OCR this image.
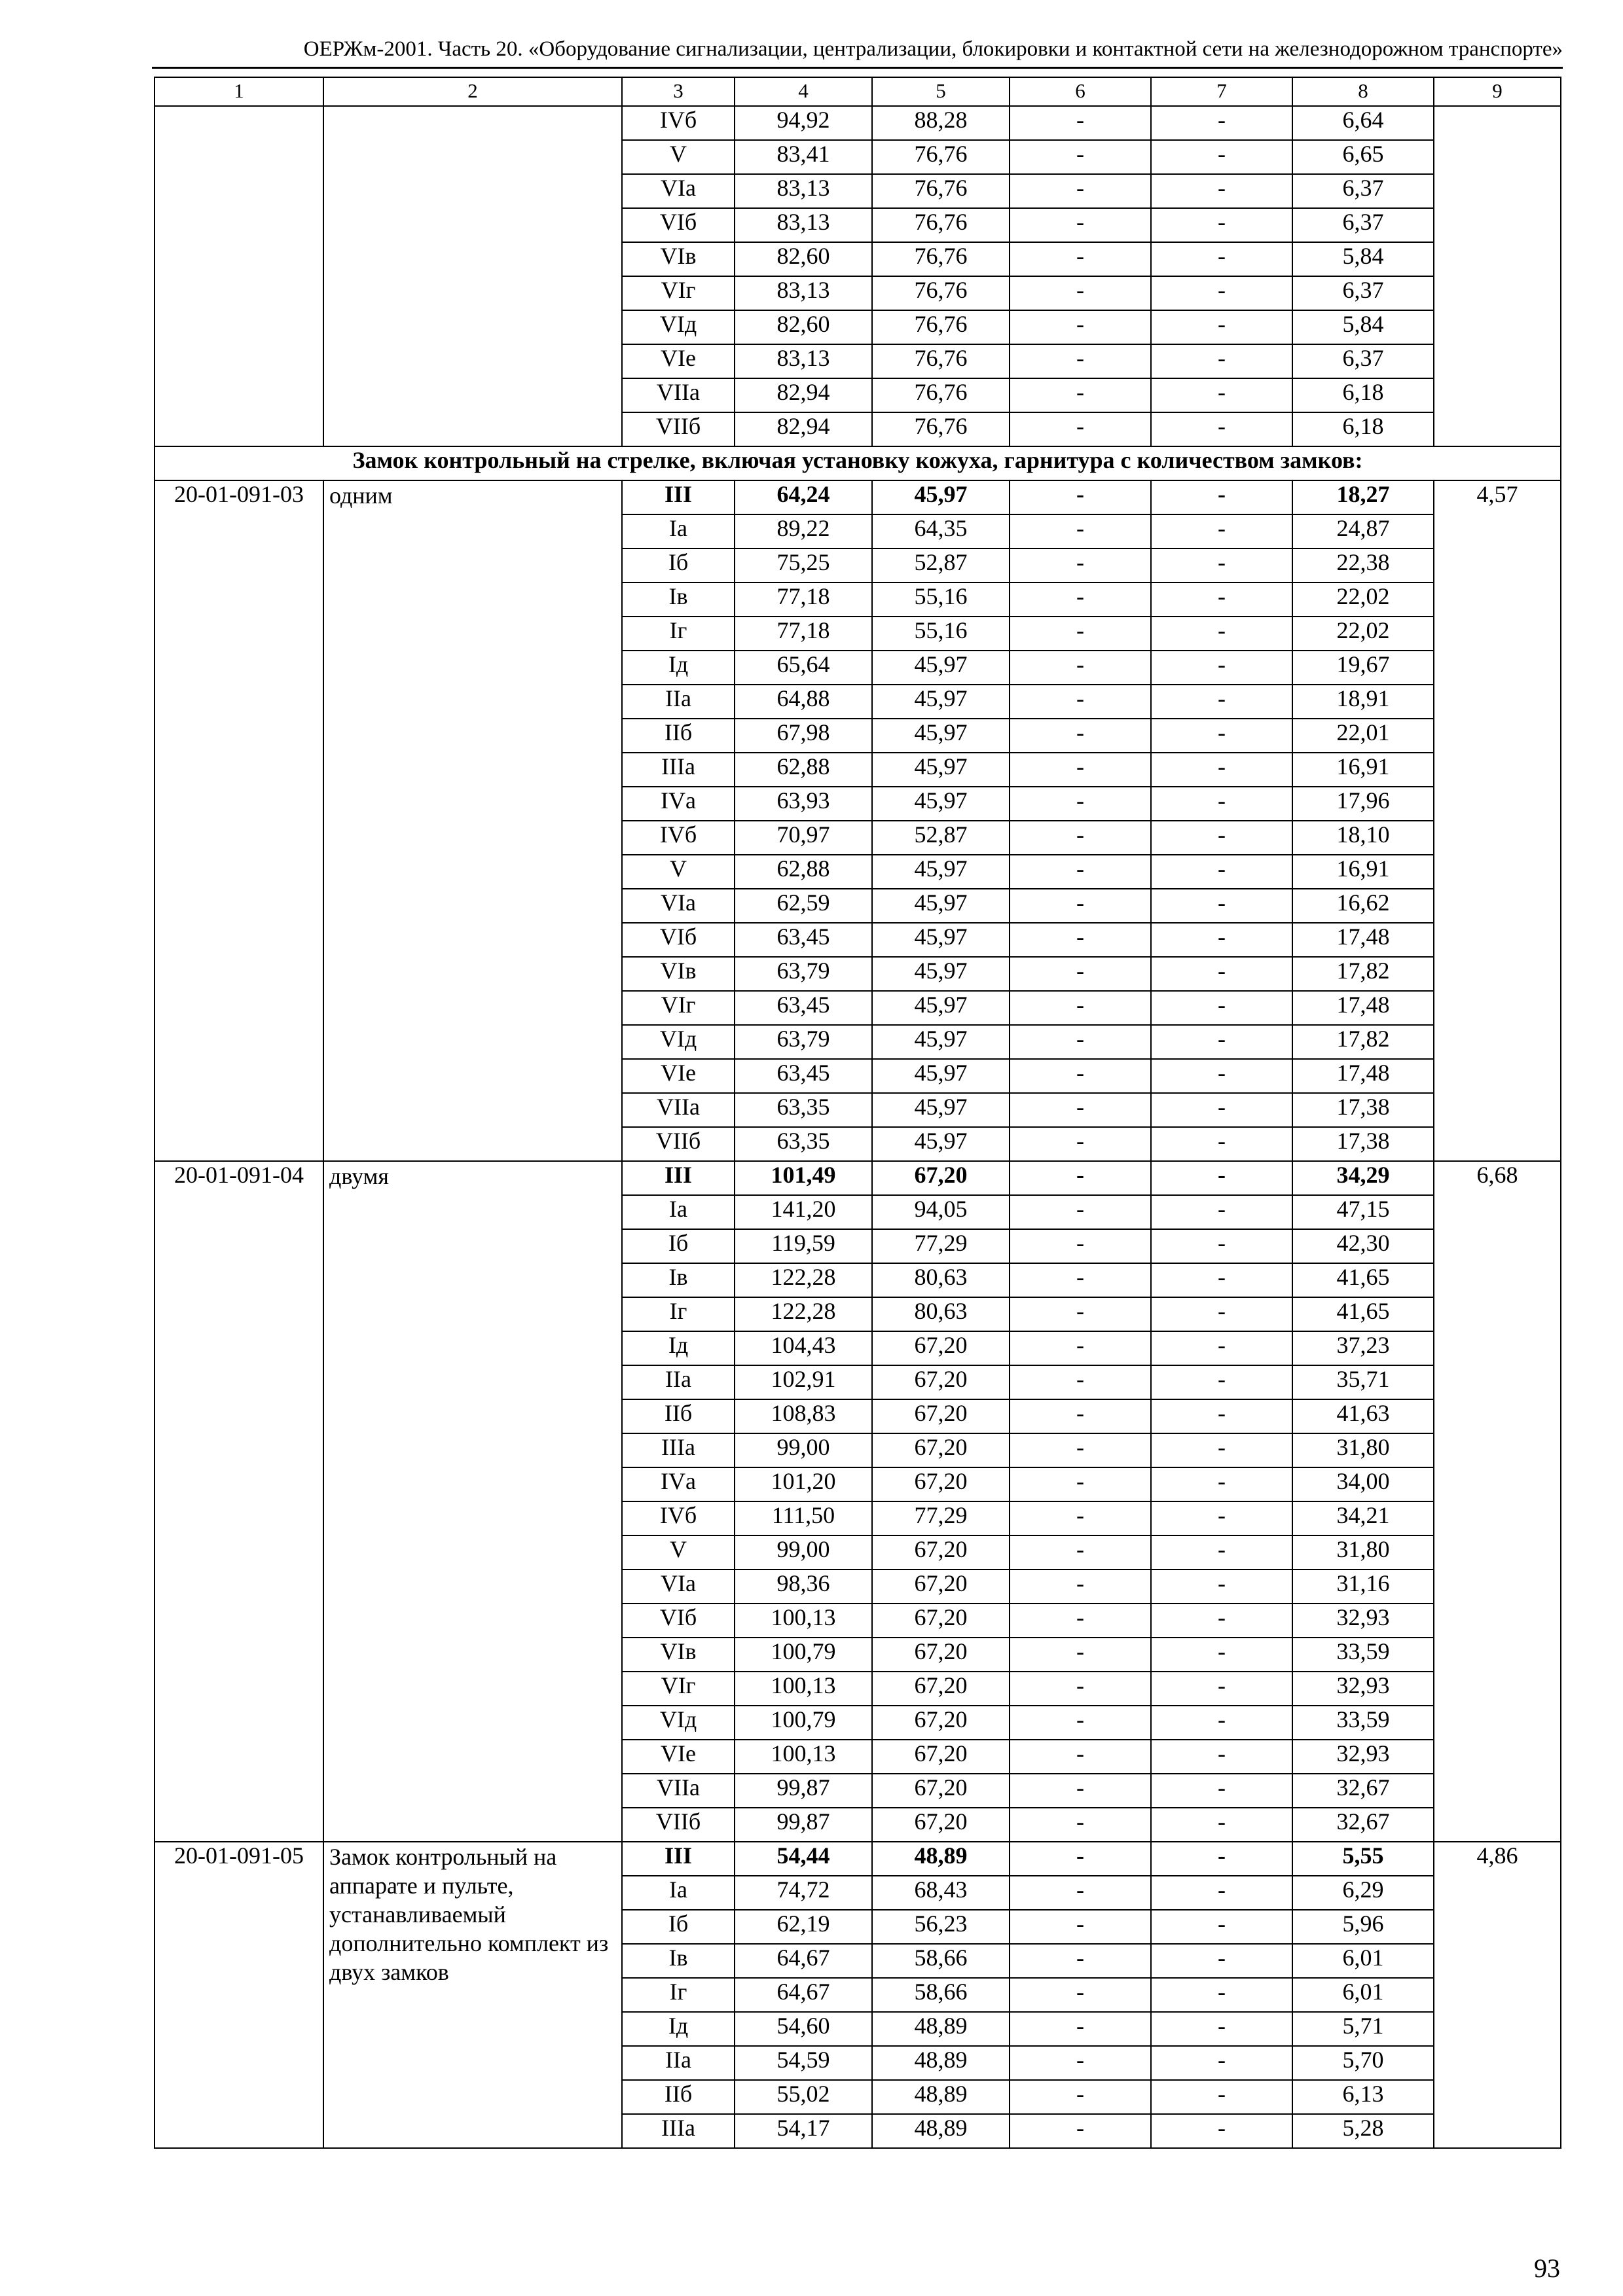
ОЕРЖм-2001. Часть 20. «Оборудование сигнализации, централизации, блокировки и контактной сети на железнодорожном транспорте»
1	2	3	4	5	6	7	8	9
		IVб	94,92	88,28	-	-	6,64	
		V	83,41	76,76	-	-	6,65	
		VIа	83,13	76,76	-	-	6,37	
		VIб	83,13	76,76	-	-	6,37	
		VIв	82,60	76,76	-	-	5,84	
		VIг	83,13	76,76	-	-	6,37	
		VIд	82,60	76,76	-	-	5,84	
		VIе	83,13	76,76	-	-	6,37	
		VIIа	82,94	76,76	-	-	6,18	
		VIIб	82,94	76,76	-	-	6,18	
Замок контрольный на стрелке, включая установку кожуха, гарнитура с количеством замков:								
20-01-091-03	одним	III	64,24	45,97	-	-	18,27	4,57
		Iа	89,22	64,35	-	-	24,87	
		Iб	75,25	52,87	-	-	22,38	
		Iв	77,18	55,16	-	-	22,02	
		Iг	77,18	55,16	-	-	22,02	
		Iд	65,64	45,97	-	-	19,67	
		IIа	64,88	45,97	-	-	18,91	
		IIб	67,98	45,97	-	-	22,01	
		IIIа	62,88	45,97	-	-	16,91	
		IVа	63,93	45,97	-	-	17,96	
		IVб	70,97	52,87	-	-	18,10	
		V	62,88	45,97	-	-	16,91	
		VIа	62,59	45,97	-	-	16,62	
		VIб	63,45	45,97	-	-	17,48	
		VIв	63,79	45,97	-	-	17,82	
		VIг	63,45	45,97	-	-	17,48	
		VIд	63,79	45,97	-	-	17,82	
		VIе	63,45	45,97	-	-	17,48	
		VIIа	63,35	45,97	-	-	17,38	
		VIIб	63,35	45,97	-	-	17,38	
20-01-091-04	двумя	III	101,49	67,20	-	-	34,29	6,68
		Iа	141,20	94,05	-	-	47,15	
		Iб	119,59	77,29	-	-	42,30	
		Iв	122,28	80,63	-	-	41,65	
		Iг	122,28	80,63	-	-	41,65	
		Iд	104,43	67,20	-	-	37,23	
		IIа	102,91	67,20	-	-	35,71	
		IIб	108,83	67,20	-	-	41,63	
		IIIа	99,00	67,20	-	-	31,80	
		IVа	101,20	67,20	-	-	34,00	
		IVб	111,50	77,29	-	-	34,21	
		V	99,00	67,20	-	-	31,80	
		VIа	98,36	67,20	-	-	31,16	
		VIб	100,13	67,20	-	-	32,93	
		VIв	100,79	67,20	-	-	33,59	
		VIг	100,13	67,20	-	-	32,93	
		VIд	100,79	67,20	-	-	33,59	
		VIе	100,13	67,20	-	-	32,93	
		VIIа	99,87	67,20	-	-	32,67	
		VIIб	99,87	67,20	-	-	32,67	
20-01-091-05	Замок контрольный на аппарате и пульте, устанавливаемый дополнительно комплект из двух замков	III	54,44	48,89	-	-	5,55	4,86
		Iа	74,72	68,43	-	-	6,29	
		Iб	62,19	56,23	-	-	5,96	
		Iв	64,67	58,66	-	-	6,01	
		Iг	64,67	58,66	-	-	6,01	
		Iд	54,60	48,89	-	-	5,71	
		IIа	54,59	48,89	-	-	5,70	
		IIб	55,02	48,89	-	-	6,13	
		IIIа	54,17	48,89	-	-	5,28	
93
